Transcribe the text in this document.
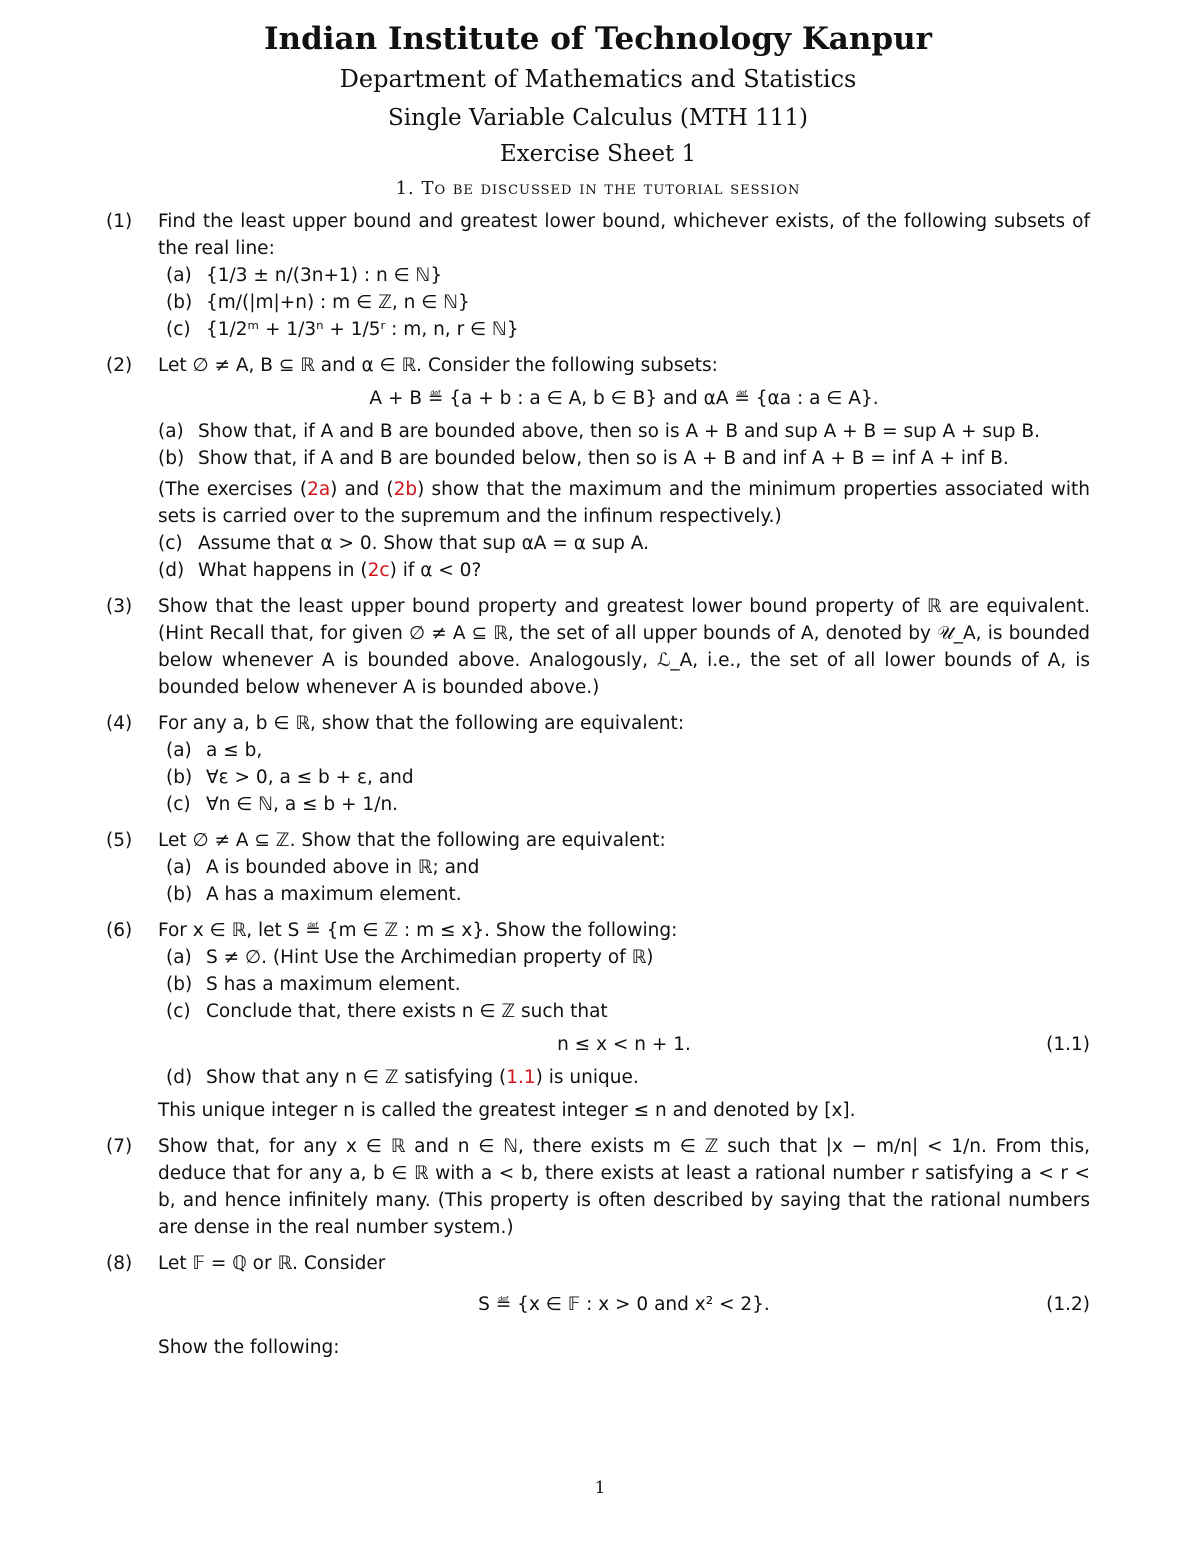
Indian Institute of Technology Kanpur
Department of Mathematics and Statistics
Single Variable Calculus (MTH 111)
Exercise Sheet 1
1. To be discussed in the tutorial session
(1)	Find the least upper bound and greatest lower bound, whichever exists, of the following subsets of the real line:
(a) {1/3 ± n/(3n+1) : n ∈ ℕ}
(b) {m/(|m|+n) : m ∈ ℤ, n ∈ ℕ}
(c) {1/2ᵐ + 1/3ⁿ + 1/5ʳ : m, n, r ∈ ℕ}
(2)	Let ∅ ≠ A, B ⊆ ℝ and α ∈ ℝ. Consider the following subsets:
A + B ≝ {a + b : a ∈ A, b ∈ B} and αA ≝ {αa : a ∈ A}.
(a) Show that, if A and B are bounded above, then so is A + B and sup A + B = sup A + sup B.
(b) Show that, if A and B are bounded below, then so is A + B and inf A + B = inf A + inf B.
(The exercises (2a) and (2b) show that the maximum and the minimum properties associated with sets is carried over to the supremum and the infinum respectively.)
(c) Assume that α > 0. Show that sup αA = α sup A.
(d) What happens in (2c) if α < 0?
(3)	Show that the least upper bound property and greatest lower bound property of ℝ are equivalent. (Hint Recall that, for given ∅ ≠ A ⊆ ℝ, the set of all upper bounds of A, denoted by 𝒰_A, is bounded below whenever A is bounded above. Analogously, ℒ_A, i.e., the set of all lower bounds of A, is bounded below whenever A is bounded above.)
(4)	For any a, b ∈ ℝ, show that the following are equivalent:
(a) a ≤ b,
(b) ∀ε > 0, a ≤ b + ε, and
(c) ∀n ∈ ℕ, a ≤ b + 1/n.
(5)	Let ∅ ≠ A ⊆ ℤ. Show that the following are equivalent:
(a) A is bounded above in ℝ; and
(b) A has a maximum element.
(6)	For x ∈ ℝ, let S ≝ {m ∈ ℤ : m ≤ x}. Show the following:
(a) S ≠ ∅. (Hint Use the Archimedian property of ℝ)
(b) S has a maximum element.
(c) Conclude that, there exists n ∈ ℤ such that
n ≤ x < n + 1.	(1.1)
(d) Show that any n ∈ ℤ satisfying (1.1) is unique.
This unique integer n is called the greatest integer ≤ n and denoted by [x].
(7)	Show that, for any x ∈ ℝ and n ∈ ℕ, there exists m ∈ ℤ such that |x − m/n| < 1/n. From this, deduce that for any a, b ∈ ℝ with a < b, there exists at least a rational number r satisfying a < r < b, and hence infinitely many. (This property is often described by saying that the rational numbers are dense in the real number system.)
(8)	Let 𝔽 = ℚ or ℝ. Consider
S ≝ {x ∈ 𝔽 : x > 0 and x² < 2}.	(1.2)
Show the following:
1
